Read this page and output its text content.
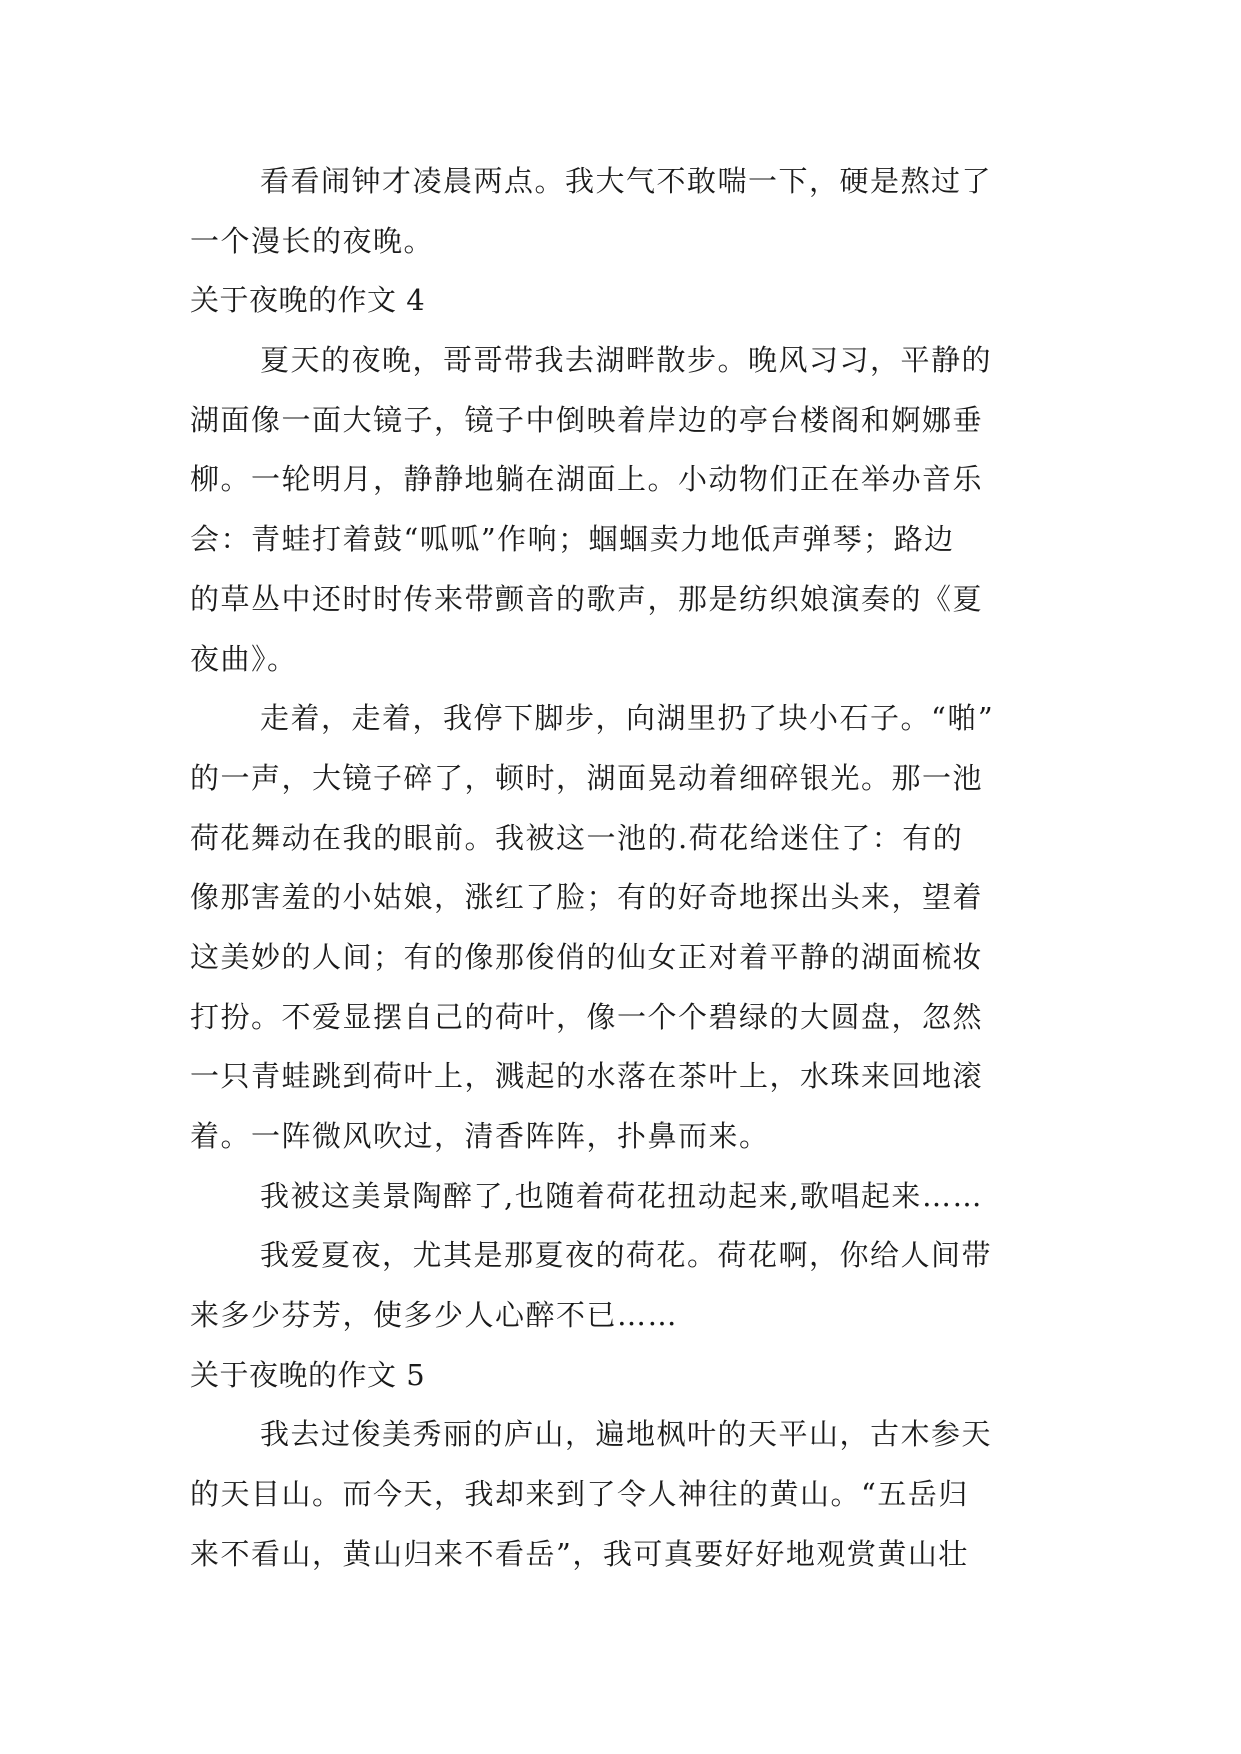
看看闹钟才凌晨两点。我大气不敢喘一下，硬是熬过了
一个漫长的夜晚。
关于夜晚的作文 4
夏天的夜晚，哥哥带我去湖畔散步。晚风习习，平静的
湖面像一面大镜子，镜子中倒映着岸边的亭台楼阁和婀娜垂
柳。一轮明月，静静地躺在湖面上。小动物们正在举办音乐
会：青蛙打着鼓“呱呱”作响；蝈蝈卖力地低声弹琴；路边
的草丛中还时时传来带颤音的歌声，那是纺织娘演奏的《夏
夜曲》。
走着，走着，我停下脚步，向湖里扔了块小石子。“啪”
的一声，大镜子碎了，顿时，湖面晃动着细碎银光。那一池
荷花舞动在我的眼前。我被这一池的.荷花给迷住了：有的
像那害羞的小姑娘，涨红了脸；有的好奇地探出头来，望着
这美妙的人间；有的像那俊俏的仙女正对着平静的湖面梳妆
打扮。不爱显摆自己的荷叶，像一个个碧绿的大圆盘，忽然
一只青蛙跳到荷叶上，溅起的水落在茶叶上，水珠来回地滚
着。一阵微风吹过，清香阵阵，扑鼻而来。
我被这美景陶醉了,也随着荷花扭动起来,歌唱起来……
我爱夏夜，尤其是那夏夜的荷花。荷花啊，你给人间带
来多少芬芳，使多少人心醉不已……
关于夜晚的作文 5
我去过俊美秀丽的庐山，遍地枫叶的天平山，古木参天
的天目山。而今天，我却来到了令人神往的黄山。“五岳归
来不看山，黄山归来不看岳”，我可真要好好地观赏黄山壮
